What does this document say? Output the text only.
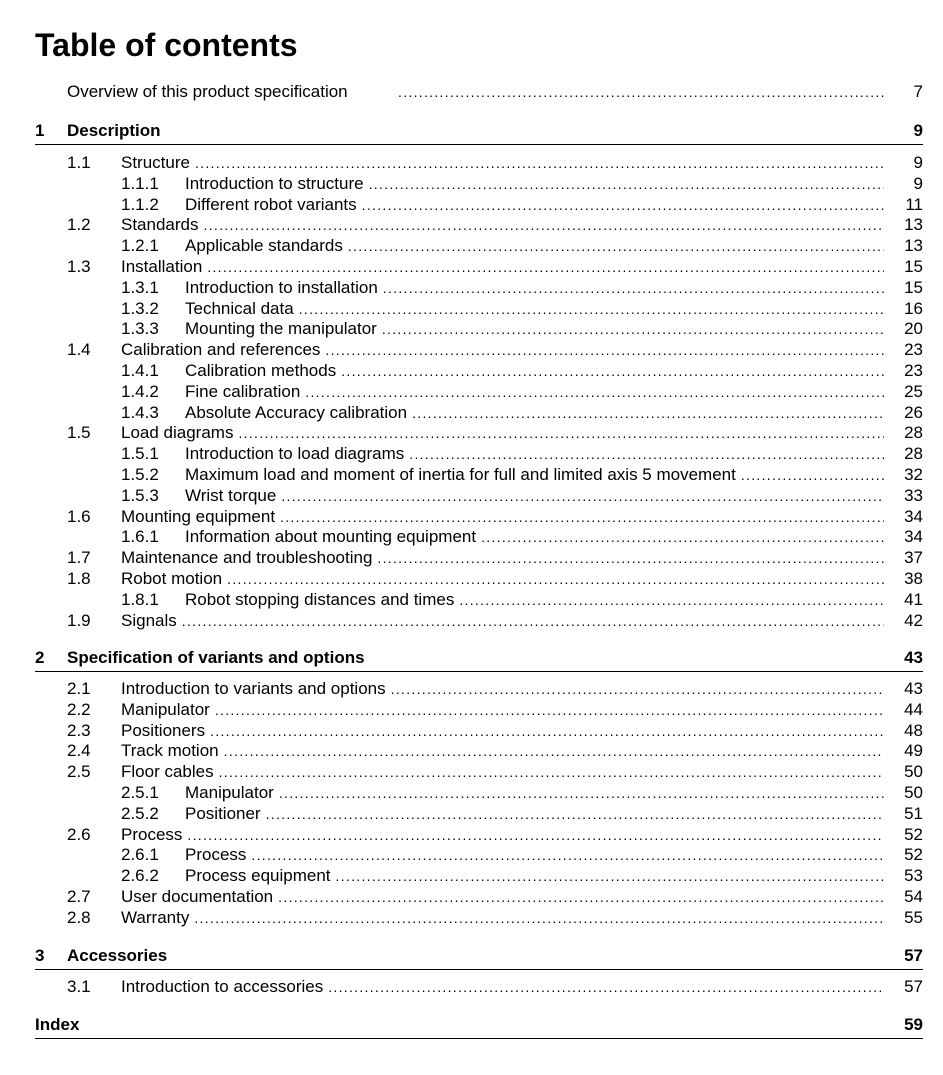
Table of contents
Overview of this product specification .....	7
1 Description	9
1.1 Structure .....	9
1.1.1 Introduction to structure .....	9
1.1.2 Different robot variants .....	11
1.2 Standards .....	13
1.2.1 Applicable standards .....	13
1.3 Installation .....	15
1.3.1 Introduction to installation .....	15
1.3.2 Technical data .....	16
1.3.3 Mounting the manipulator .....	20
1.4 Calibration and references .....	23
1.4.1 Calibration methods .....	23
1.4.2 Fine calibration .....	25
1.4.3 Absolute Accuracy calibration .....	26
1.5 Load diagrams .....	28
1.5.1 Introduction to load diagrams .....	28
1.5.2 Maximum load and moment of inertia for full and limited axis 5 movement .....	32
1.5.3 Wrist torque .....	33
1.6 Mounting equipment .....	34
1.6.1 Information about mounting equipment .....	34
1.7 Maintenance and troubleshooting .....	37
1.8 Robot motion .....	38
1.8.1 Robot stopping distances and times .....	41
1.9 Signals .....	42
2 Specification of variants and options	43
2.1 Introduction to variants and options .....	43
2.2 Manipulator .....	44
2.3 Positioners .....	48
2.4 Track motion .....	49
2.5 Floor cables .....	50
2.5.1 Manipulator .....	50
2.5.2 Positioner .....	51
2.6 Process .....	52
2.6.1 Process .....	52
2.6.2 Process equipment .....	53
2.7 User documentation .....	54
2.8 Warranty .....	55
3 Accessories	57
3.1 Introduction to accessories .....	57
Index	59
